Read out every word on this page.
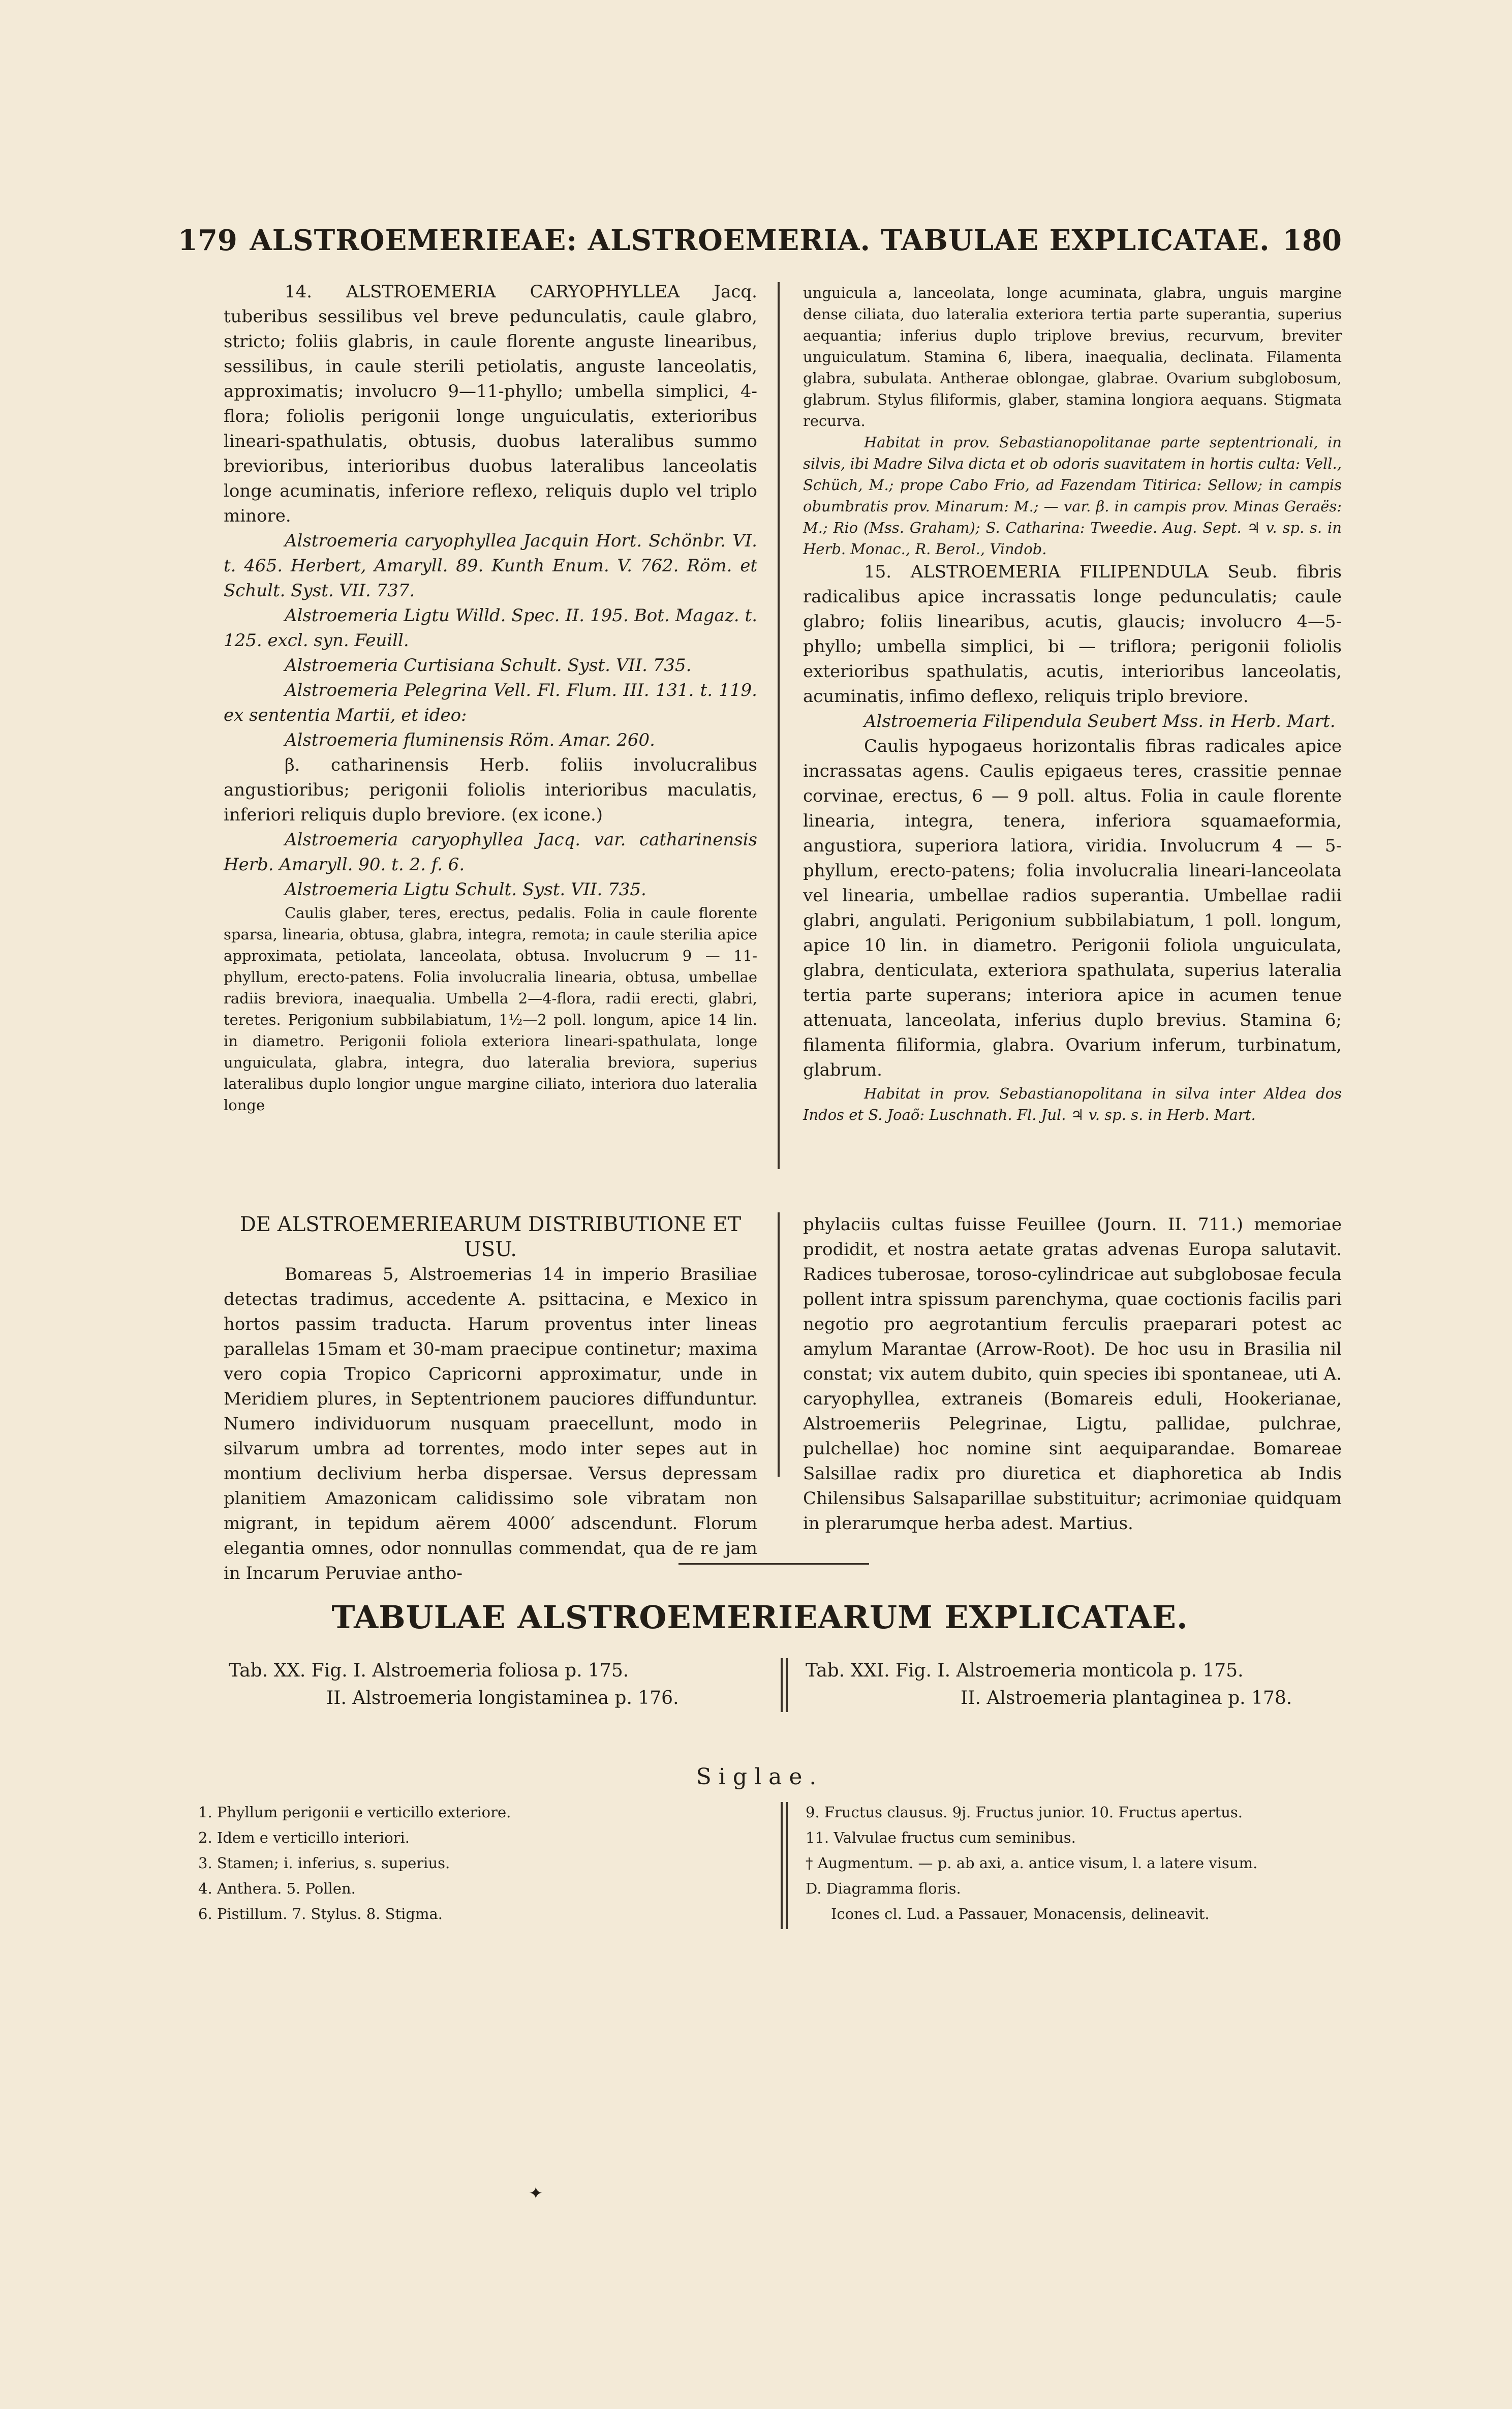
179 ALSTROEMERIEAE: ALSTROEMERIA. TABULAE EXPLICATAE. 180

14. ALSTROEMERIA CARYOPHYLLEA Jacq. tuberibus sessilibus vel breve pedunculatis, caule glabro, stricto; foliis glabris, in caule florente anguste linearibus, sessilibus, in caule sterili petiolatis, anguste lanceolatis, approximatis; involucro 9—11-phyllo; umbella simplici, 4-flora; foliolis perigonii longe unguiculatis, exterioribus lineari-spathulatis, obtusis, duobus lateralibus summo brevioribus, interioribus duobus lateralibus lanceolatis longe acuminatis, inferiore reflexo, reliquis duplo vel triplo minore.

Alstroemeria caryophyllea Jacquin Hort. Schönbr. VI. t. 465. Herbert, Amaryll. 89. Kunth Enum. V. 762. Röm. et Schult. Syst. VII. 737.

Alstroemeria Ligtu Willd. Spec. II. 195. Bot. Magaz. t. 125. excl. syn. Feuill.

Alstroemeria Curtisiana Schult. Syst. VII. 735.

Alstroemeria Pelegrina Vell. Fl. Flum. III. 131. t. 119. ex sententia Martii, et ideo:

Alstroemeria fluminensis Röm. Amar. 260.

β. catharinensis Herb. foliis involucralibus angustioribus; perigonii foliolis interioribus maculatis, inferiori reliquis duplo breviore. (ex icone.)

Alstroemeria caryophyllea Jacq. var. catharinensis Herb. Amaryll. 90. t. 2. f. 6.

Alstroemeria Ligtu Schult. Syst. VII. 735.

Caulis glaber, teres, erectus, pedalis. Folia in caule florente sparsa, linearia, obtusa, glabra, integra, remota; in caule sterilia apice approximata, petiolata, lanceolata, obtusa. Involucrum 9 — 11-phyllum, erecto-patens. Folia involucralia linearia, obtusa, umbellae radiis breviora, inaequalia. Umbella 2—4-flora, radii erecti, glabri, teretes. Perigonium subbilabiatum, 1½—2 poll. longum, apice 14 lin. in diametro. Perigonii foliola exteriora lineari-spathulata, longe unguiculata, glabra, integra, duo lateralia breviora, superius lateralibus duplo longior ungue margine ciliato, interiora duo lateralia longe

unguicula a, lanceolata, longe acuminata, glabra, unguis margine dense ciliata, duo lateralia exteriora tertia parte superantia, superius aequantia; inferius duplo triplove brevius, recurvum, breviter unguiculatum. Stamina 6, libera, inaequalia, declinata. Filamenta glabra, subulata. Antherae oblongae, glabrae. Ovarium subglobosum, glabrum. Stylus filiformis, glaber, stamina longiora aequans. Stigmata recurva.

Habitat in prov. Sebastianopolitanae parte septentrionali, in silvis, ibi Madre Silva dicta et ob odoris suavitatem in hortis culta: Vell., Schüch, M.; prope Cabo Frio, ad Fazendam Titirica: Sellow; in campis obumbratis prov. Minarum: M.; — var. β. in campis prov. Minas Geraës: M.; Rio (Mss. Graham); S. Catharina: Tweedie. Aug. Sept. ♃ v. sp. s. in Herb. Monac., R. Berol., Vindob.

15. ALSTROEMERIA FILIPENDULA Seub. fibris radicalibus apice incrassatis longe pedunculatis; caule glabro; foliis linearibus, acutis, glaucis; involucro 4—5-phyllo; umbella simplici, bi — triflora; perigonii foliolis exterioribus spathulatis, acutis, interioribus lanceolatis, acuminatis, infimo deflexo, reliquis triplo breviore.

Alstroemeria Filipendula Seubert Mss. in Herb. Mart.

Caulis hypogaeus horizontalis fibras radicales apice incrassatas agens. Caulis epigaeus teres, crassitie pennae corvinae, erectus, 6 — 9 poll. altus. Folia in caule florente linearia, integra, tenera, inferiora squamaeformia, angustiora, superiora latiora, viridia. Involucrum 4 — 5-phyllum, erecto-patens; folia involucralia lineari-lanceolata vel linearia, umbellae radios superantia. Umbellae radii glabri, angulati. Perigonium subbilabiatum, 1 poll. longum, apice 10 lin. in diametro. Perigonii foliola unguiculata, glabra, denticulata, exteriora spathulata, superius lateralia tertia parte superans; interiora apice in acumen tenue attenuata, lanceolata, inferius duplo brevius. Stamina 6; filamenta filiformia, glabra. Ovarium inferum, turbinatum, glabrum.

Habitat in prov. Sebastianopolitana in silva inter Aldea dos Indos et S. Joaõ: Luschnath. Fl. Jul. ♃ v. sp. s. in Herb. Mart.

DE ALSTROEMERIEARUM DISTRIBUTIONE ET USU.

Bomareas 5, Alstroemerias 14 in imperio Brasiliae detectas tradimus, accedente A. psittacina, e Mexico in hortos passim traducta. Harum proventus inter lineas parallelas 15mam et 30-mam praecipue continetur; maxima vero copia Tropico Capricorni approximatur, unde in Meridiem plures, in Septentrionem pauciores diffunduntur. Numero individuorum nusquam praecellunt, modo in silvarum umbra ad torrentes, modo inter sepes aut in montium declivium herba dispersae. Versus depressam planitiem Amazonicam calidissimo sole vibratam non migrant, in tepidum aërem 4000′ adscendunt. Florum elegantia omnes, odor nonnullas commendat, qua de re jam in Incarum Peruviae antho-

phylaciis cultas fuisse Feuillee (Journ. II. 711.) memoriae prodidit, et nostra aetate gratas advenas Europa salutavit. Radices tuberosae, toroso-cylindricae aut subglobosae fecula pollent intra spissum parenchyma, quae coctionis facilis pari negotio pro aegrotantium ferculis praeparari potest ac amylum Marantae (Arrow-Root). De hoc usu in Brasilia nil constat; vix autem dubito, quin species ibi spontaneae, uti A. caryophyllea, extraneis (Bomareis eduli, Hookerianae, Alstroemeriis Pelegrinae, Ligtu, pallidae, pulchrae, pulchellae) hoc nomine sint aequiparandae. Bomareae Salsillae radix pro diuretica et diaphoretica ab Indis Chilensibus Salsaparillae substituitur; acrimoniae quidquam in plerarumque herba adest. Martius.

TABULAE ALSTROEMERIEARUM EXPLICATAE.
Tab. XX. Fig. I. Alstroemeria foliosa p. 175.
II. Alstroemeria longistaminea p. 176.
Tab. XXI. Fig. I. Alstroemeria monticola p. 175.
II. Alstroemeria plantaginea p. 178.
Siglae.
1. Phyllum perigonii e verticillo exteriore.
2. Idem e verticillo interiori.
3. Stamen; i. inferius, s. superius.
4. Anthera. 5. Pollen.
6. Pistillum. 7. Stylus. 8. Stigma.
9. Fructus clausus. 9j. Fructus junior. 10. Fructus apertus.
11. Valvulae fructus cum seminibus.
† Augmentum. — p. ab axi, a. antice visum, l. a latere visum.
D. Diagramma floris.
Icones cl. Lud. a Passauer, Monacensis, delineavit.
✦
